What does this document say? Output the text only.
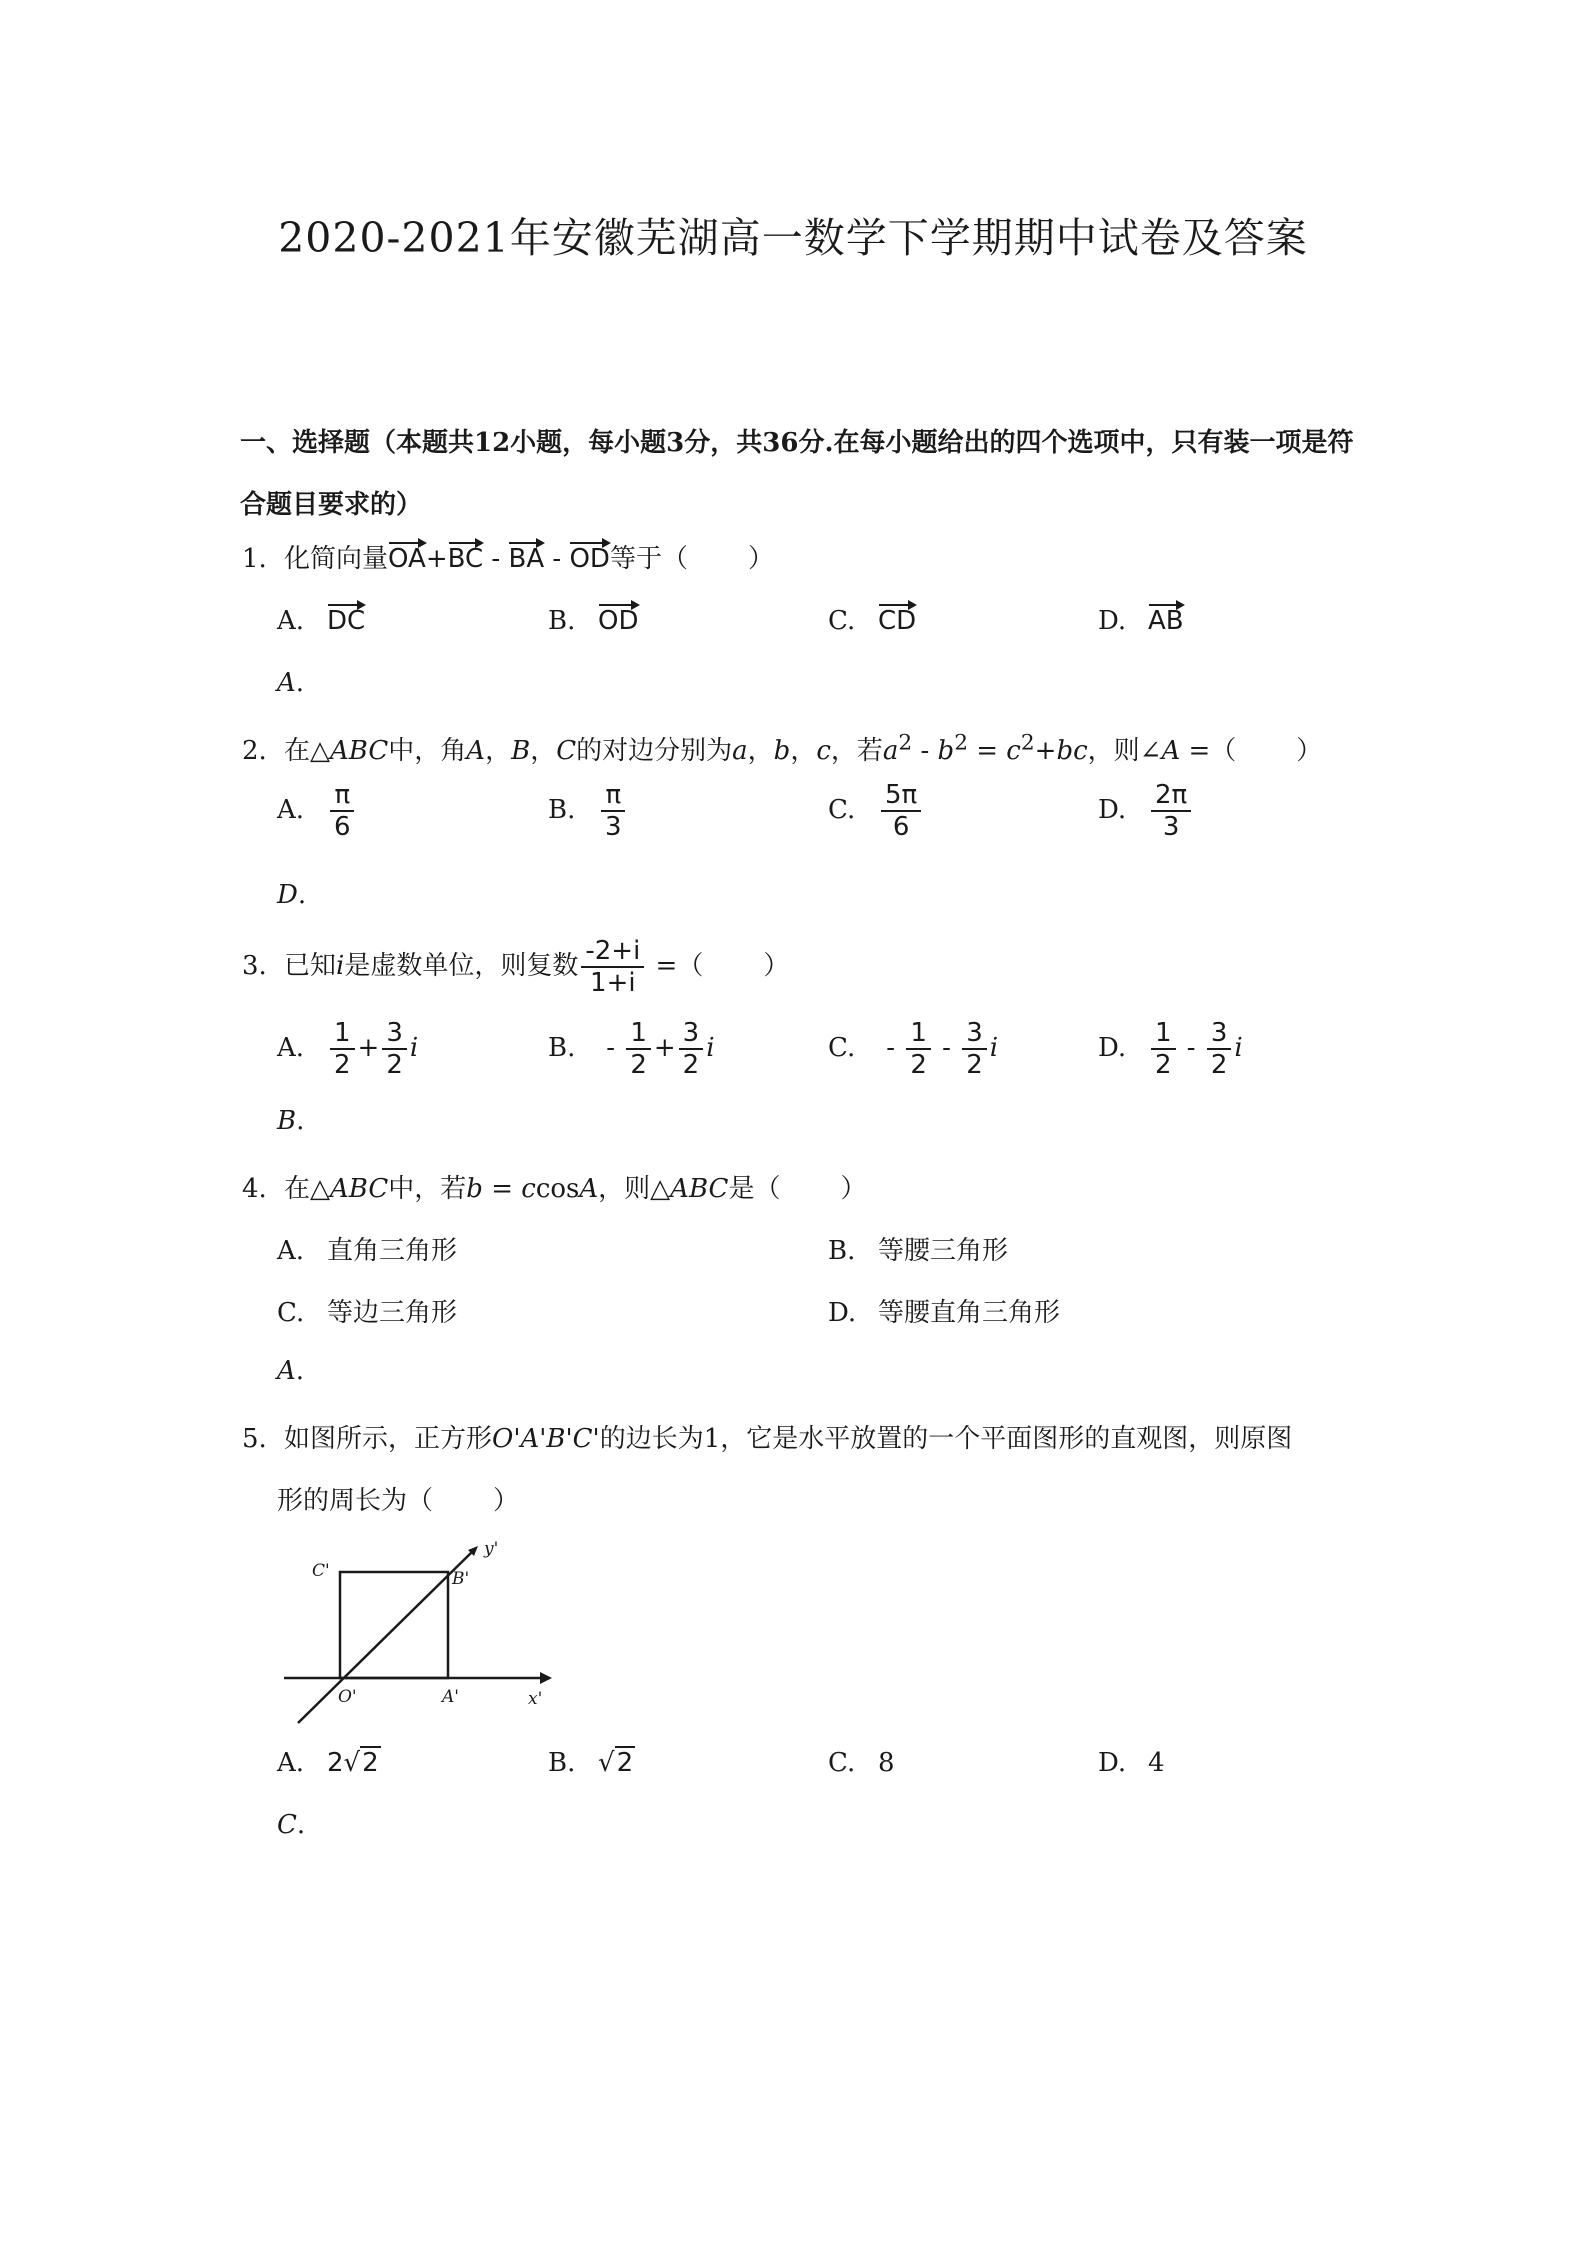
2020-2021年安徽芜湖高一数学下学期期中试卷及答案
一、选择题（本题共12小题，每小题3分，共36分.在每小题给出的四个选项中，只有装一项是符合题目要求的）
1. 化简向量OA+BC - BA - OD等于（ ）
A. DC	B. OD	C. CD	D. AB
A.
2. 在△ABC中，角A，B，C的对边分别为a，b，c，若$a^2 - b^2 = c^2+bc$，则∠A =（ ）
A. $\frac{\pi}{6}$	B. $\frac{\pi}{3}$	C. $\frac{5\pi}{6}$	D. $\frac{2\pi}{3}$
D.
3. 已知i是虚数单位，则复数 $\frac{-2+i}{1+i}$ =（ ）
A. $\frac{1}{2} + \frac{3}{2}$ i	B. - $\frac{1}{2} + \frac{3}{2}$ i	C. - $\frac{1}{2} - \frac{3}{2}$ i	D. $\frac{1}{2} - \frac{3}{2}$ i
B.
4. 在△ABC中，若b = ccosA，则△ABC是（ ）
A. 直角三角形	B. 等腰三角形
C. 等边三角形	D. 等腰直角三角形
A.
5. 如图所示，正方形O'A'B'C'的边长为1，它是水平放置的一个平面图形的直观图，则原图
形的周长为（ ）
C'	B'
O'	A'	x'
y'
A. 2√2	B. √2	C. 8	D. 4
C.
